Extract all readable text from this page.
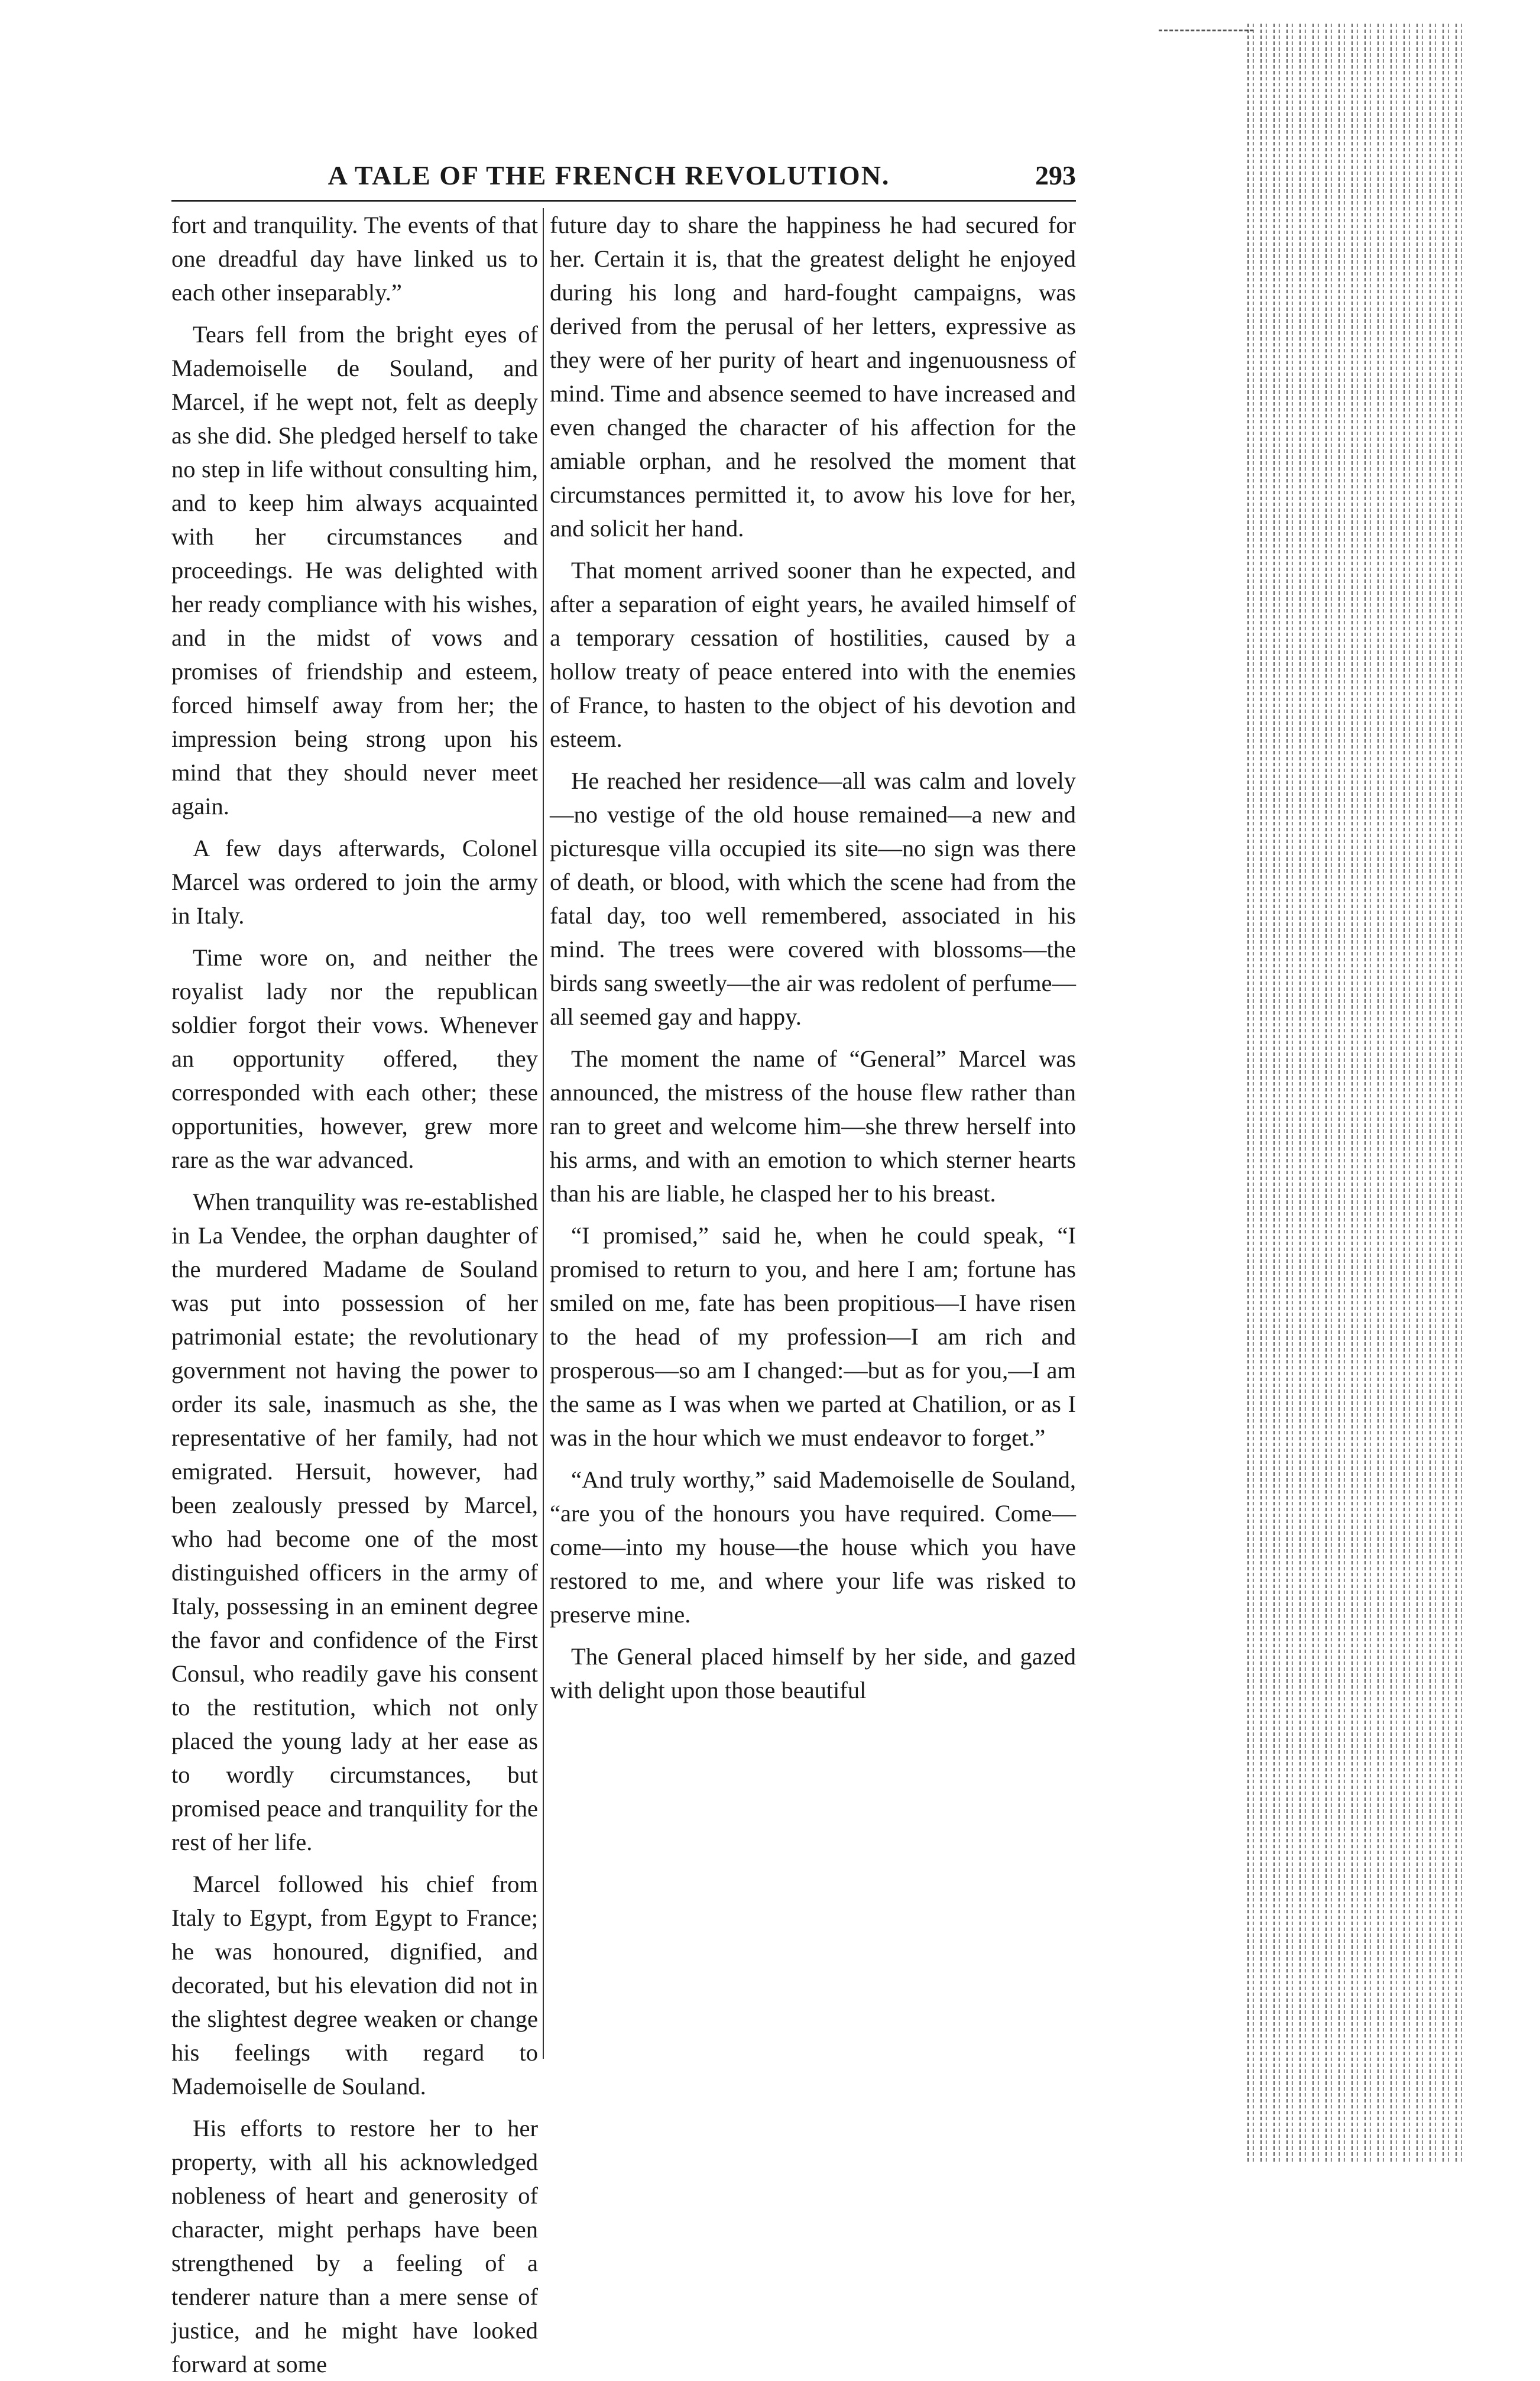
A TALE OF THE FRENCH REVOLUTION.	293

fort and tranquility. The events of that one dreadful day have linked us to each other inseparably.”

Tears fell from the bright eyes of Mademoiselle de Souland, and Marcel, if he wept not, felt as deeply as she did. She pledged herself to take no step in life without consulting him, and to keep him always acquainted with her circumstances and proceedings. He was delighted with her ready compliance with his wishes, and in the midst of vows and promises of friendship and esteem, forced himself away from her; the impression being strong upon his mind that they should never meet again.

A few days afterwards, Colonel Marcel was ordered to join the army in Italy.

Time wore on, and neither the royalist lady nor the republican soldier forgot their vows. Whenever an opportunity offered, they corresponded with each other; these opportunities, however, grew more rare as the war advanced.

When tranquility was re-established in La Vendee, the orphan daughter of the murdered Madame de Souland was put into possession of her patrimonial estate; the revolutionary government not having the power to order its sale, inasmuch as she, the representative of her family, had not emigrated. Hersuit, however, had been zealously pressed by Marcel, who had become one of the most distinguished officers in the army of Italy, possessing in an eminent degree the favor and confidence of the First Consul, who readily gave his consent to the restitution, which not only placed the young lady at her ease as to wordly circumstances, but promised peace and tranquility for the rest of her life.

Marcel followed his chief from Italy to Egypt, from Egypt to France; he was honoured, dignified, and decorated, but his elevation did not in the slightest degree weaken or change his feelings with regard to Mademoiselle de Souland.

His efforts to restore her to her property, with all his acknowledged nobleness of heart and generosity of character, might perhaps have been strengthened by a feeling of a tenderer nature than a mere sense of justice, and he might have looked forward at some

future day to share the happiness he had secured for her. Certain it is, that the greatest delight he enjoyed during his long and hard-fought campaigns, was derived from the perusal of her letters, expressive as they were of her purity of heart and ingenuousness of mind. Time and absence seemed to have increased and even changed the character of his affection for the amiable orphan, and he resolved the moment that circumstances permitted it, to avow his love for her, and solicit her hand.

That moment arrived sooner than he expected, and after a separation of eight years, he availed himself of a temporary cessation of hostilities, caused by a hollow treaty of peace entered into with the enemies of France, to hasten to the object of his devotion and esteem.

He reached her residence—all was calm and lovely—no vestige of the old house remained—a new and picturesque villa occupied its site—no sign was there of death, or blood, with which the scene had from the fatal day, too well remembered, associated in his mind. The trees were covered with blossoms—the birds sang sweetly—the air was redolent of perfume—all seemed gay and happy.

The moment the name of “General” Marcel was announced, the mistress of the house flew rather than ran to greet and welcome him—she threw herself into his arms, and with an emotion to which sterner hearts than his are liable, he clasped her to his breast.

“I promised,” said he, when he could speak, “I promised to return to you, and here I am; fortune has smiled on me, fate has been propitious—I have risen to the head of my profession—I am rich and prosperous—so am I changed:—but as for you,—I am the same as I was when we parted at Chatilion, or as I was in the hour which we must endeavor to forget.”

“And truly worthy,” said Mademoiselle de Souland, “are you of the honours you have required. Come—come—into my house—the house which you have restored to me, and where your life was risked to preserve mine.

The General placed himself by her side, and gazed with delight upon those beautiful
